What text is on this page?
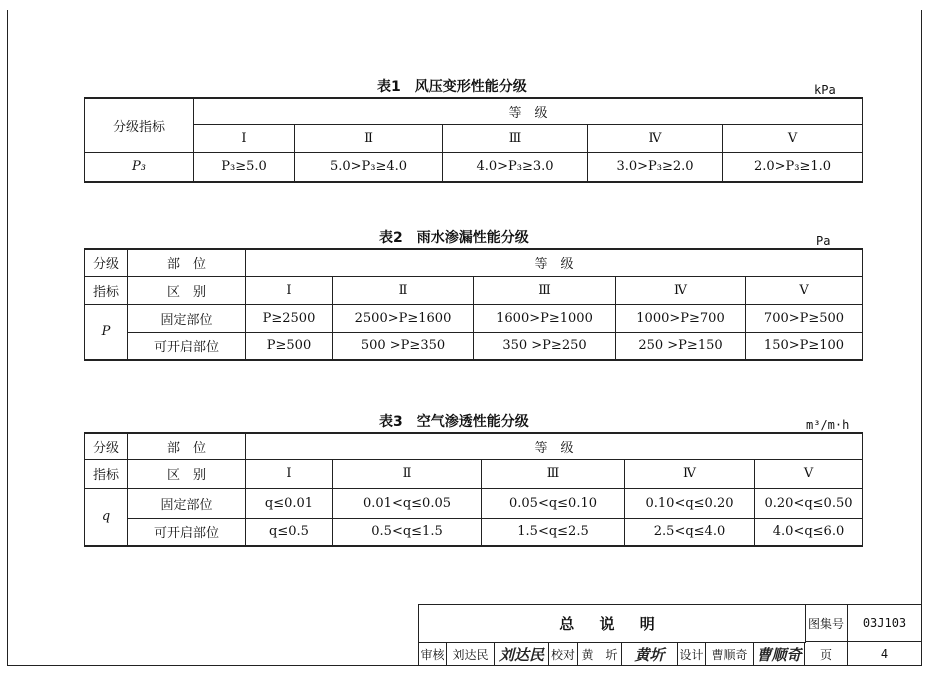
表1　风压变形性能分级	kPa
分级指标	等　级				
	Ⅰ	Ⅱ	Ⅲ	Ⅳ	Ⅴ
P₃	P₃≥5.0	5.0>P₃≥4.0	4.0>P₃≥3.0	3.0>P₃≥2.0	2.0>P₃≥1.0
表2　雨水渗漏性能分级	Pa
分级	部　位	等　级				
指标	区　别	Ⅰ	Ⅱ	Ⅲ	Ⅳ	Ⅴ
P	固定部位	P≥2500	2500>P≥1600	1600>P≥1000	1000>P≥700	700>P≥500
	可开启部位	P≥500	500 >P≥350	350 >P≥250	250 >P≥150	150>P≥100
表3　空气渗透性能分级	m³/m·h
分级	部　位	等　级				
指标	区　别	Ⅰ	Ⅱ	Ⅲ	Ⅳ	Ⅴ
q	固定部位	q≤0.01	0.01<q≤0.05	0.05<q≤0.10	0.10<q≤0.20	0.20<q≤0.50
	可开启部位	q≤0.5	0.5<q≤1.5	1.5<q≤2.5	2.5<q≤4.0	4.0<q≤6.0
总 说 明	图集号	03J103
审核 刘达民 刘达民 校对 黄　圻	黄圻	设计 曹顺奇 曹顺奇	页	4
